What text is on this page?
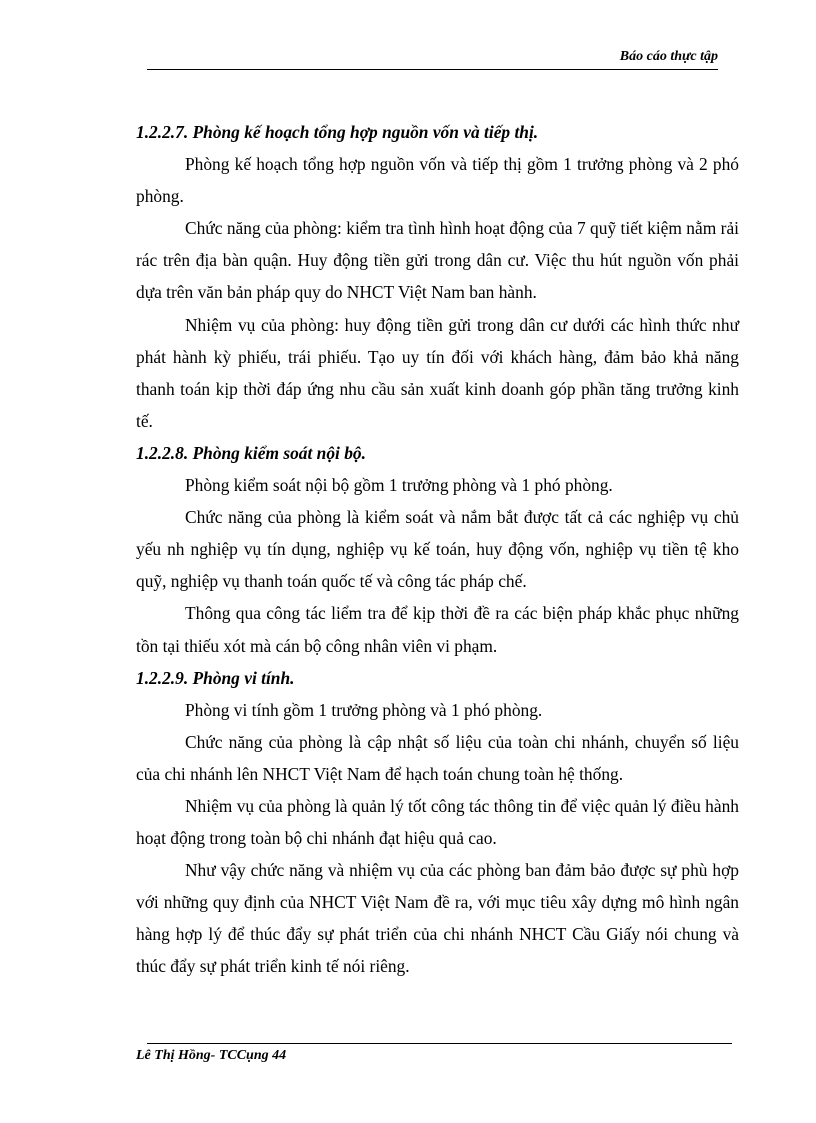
Báo cáo thực tập

1.2.2.7. Phòng kế hoạch tổng hợp nguồn vốn và tiếp thị.

Phòng kế hoạch tổng hợp nguồn vốn và tiếp thị gồm 1 trưởng phòng và 2 phó phòng.

Chức năng của phòng: kiểm tra tình hình hoạt động của 7 quỹ tiết kiệm nằm rải rác trên địa bàn quận. Huy động tiền gửi trong dân cư. Việc thu hút nguồn vốn phải dựa trên văn bản pháp quy do NHCT Việt Nam ban hành.

Nhiệm vụ của phòng: huy động tiền gửi trong dân cư dưới các hình thức như phát hành kỳ phiếu, trái phiếu. Tạo uy tín đối với khách hàng, đảm bảo khả năng thanh toán kịp thời đáp ứng nhu cầu sản xuất kinh doanh góp phần tăng trưởng kinh tế.

1.2.2.8. Phòng kiểm soát nội bộ.

Phòng kiểm soát nội bộ gồm 1 trưởng phòng và 1 phó phòng.

Chức năng của phòng là kiểm soát và nắm bắt được tất cả các nghiệp vụ chủ yếu nh nghiệp vụ tín dụng, nghiệp vụ kế toán, huy động vốn, nghiệp vụ tiền tệ kho quỹ, nghiệp vụ thanh toán quốc tế và công tác pháp chế.

Thông qua công tác liểm tra để kịp thời đề ra các biện pháp khắc phục những tồn tại thiếu xót mà cán bộ công nhân viên vi phạm.

1.2.2.9. Phòng vi tính.

Phòng vi tính gồm 1 trưởng phòng và 1 phó phòng.

Chức năng của phòng là cập nhật số liệu của toàn chi nhánh, chuyển số liệu của chi nhánh lên NHCT Việt Nam để hạch toán chung toàn hệ thống.

Nhiệm vụ của phòng là quản lý tốt công tác thông tin để việc quản lý điều hành hoạt động trong toàn bộ chi nhánh đạt hiệu quả cao.

Như vậy chức năng và nhiệm vụ của các phòng ban đảm bảo được sự phù hợp với những quy định của NHCT Việt Nam đề ra, với mục tiêu xây dựng mô hình ngân hàng hợp lý để thúc đẩy sự phát triển của chi nhánh NHCT Cầu Giấy nói chung và thúc đẩy sự phát triển kinh tế nói riêng.

Lê Thị Hồng- TCCụng 44
